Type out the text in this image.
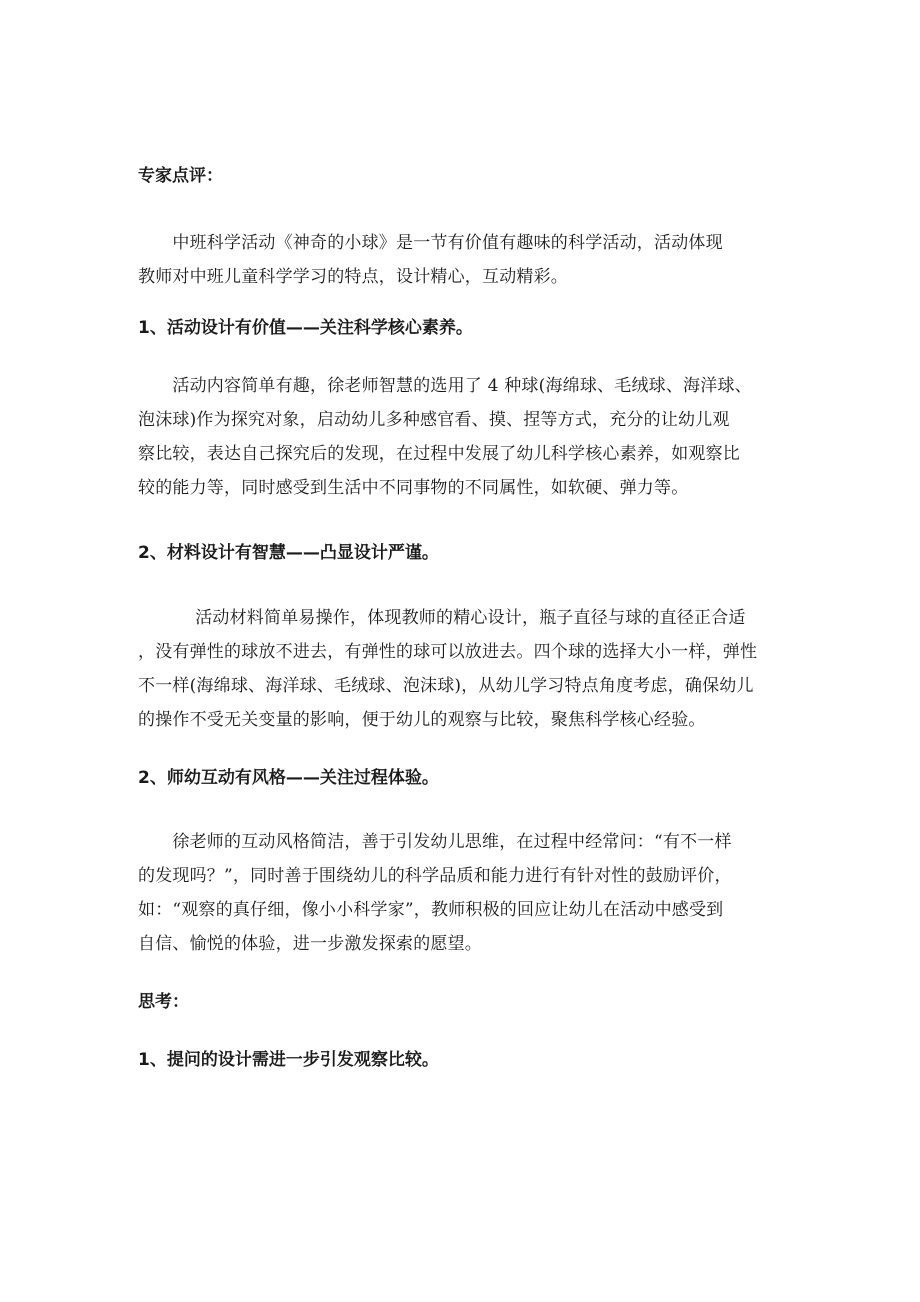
专家点评：
　　中班科学活动《神奇的小球》是一节有价值有趣味的科学活动，活动体现
教师对中班儿童科学学习的特点，设计精心，互动精彩。
1、活动设计有价值——关注科学核心素养。
　　活动内容简单有趣，徐老师智慧的选用了 4 种球(海绵球、毛绒球、海洋球、
泡沫球)作为探究对象，启动幼儿多种感官看、摸、捏等方式，充分的让幼儿观
察比较，表达自己探究后的发现，在过程中发展了幼儿科学核心素养，如观察比
较的能力等，同时感受到生活中不同事物的不同属性，如软硬、弹力等。
2、材料设计有智慧——凸显设计严谨。
　　　 活动材料简单易操作，体现教师的精心设计，瓶子直径与球的直径正合适
，没有弹性的球放不进去，有弹性的球可以放进去。四个球的选择大小一样，弹性
不一样(海绵球、海洋球、毛绒球、泡沫球)，从幼儿学习特点角度考虑，确保幼儿
的操作不受无关变量的影响，便于幼儿的观察与比较，聚焦科学核心经验。
2、师幼互动有风格——关注过程体验。
　　徐老师的互动风格简洁，善于引发幼儿思维，在过程中经常问：“有不一样
的发现吗？”，同时善于围绕幼儿的科学品质和能力进行有针对性的鼓励评价，
如：“观察的真仔细，像小小科学家”，教师积极的回应让幼儿在活动中感受到
自信、愉悦的体验，进一步激发探索的愿望。
思考：
1、提问的设计需进一步引发观察比较。
